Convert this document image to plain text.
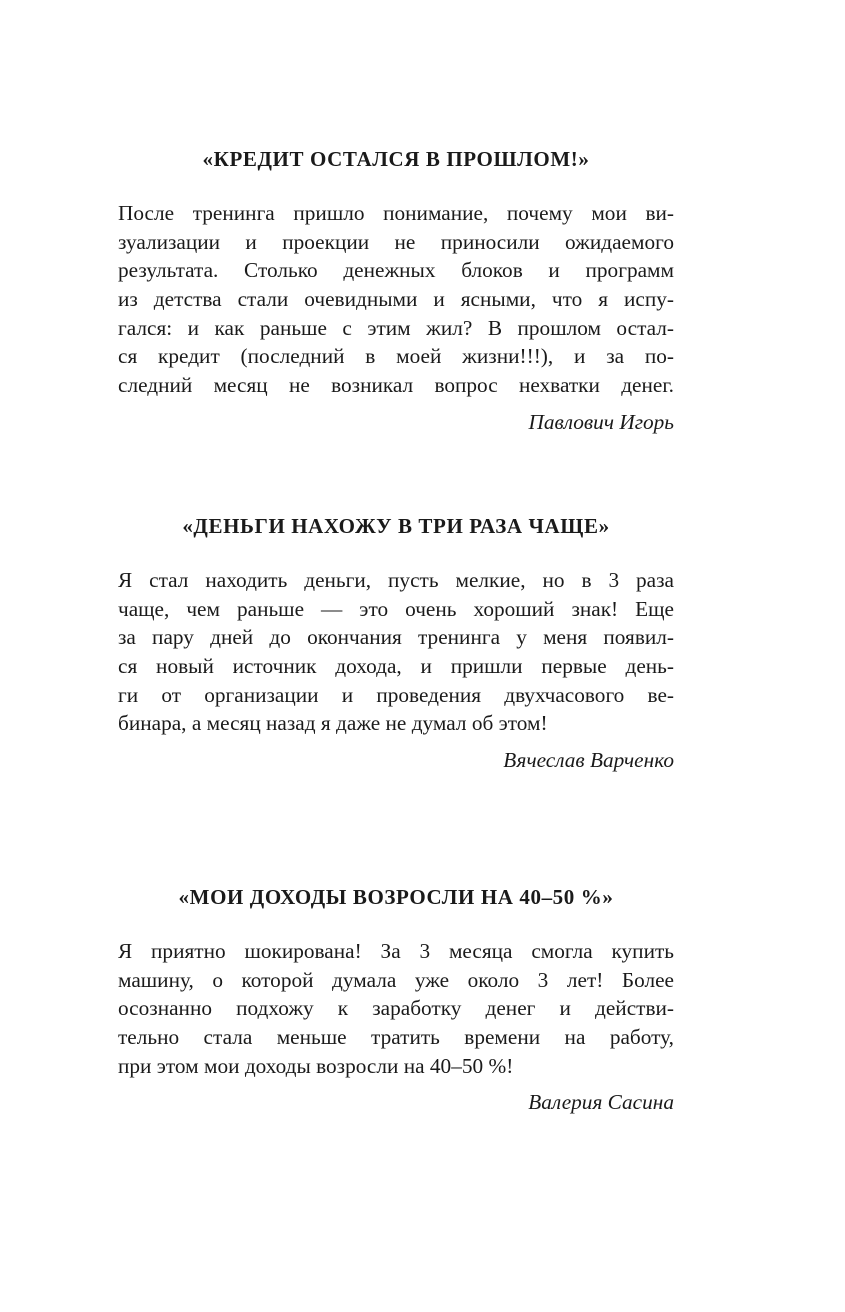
«КРЕДИТ ОСТАЛСЯ В ПРОШЛОМ!»
После тренинга пришло понимание, почему мои ви-
зуализации и проекции не приносили ожидаемого
результата. Столько денежных блоков и программ
из детства стали очевидными и ясными, что я испу-
гался: и как раньше с этим жил? В прошлом остал-
ся кредит (последний в моей жизни!!!), и за по-
следний месяц не возникал вопрос нехватки денег.

Павлович Игорь

«ДЕНЬГИ НАХОЖУ В ТРИ РАЗА ЧАЩЕ»
Я стал находить деньги, пусть мелкие, но в 3 раза
чаще, чем раньше — это очень хороший знак! Еще
за пару дней до окончания тренинга у меня появил-
ся новый источник дохода, и пришли первые день-
ги от организации и проведения двухчасового ве-
бинара, а месяц назад я даже не думал об этом!

Вячеслав Варченко

«МОИ ДОХОДЫ ВОЗРОСЛИ НА 40–50 %»
Я приятно шокирована! За 3 месяца смогла купить
машину, о которой думала уже около 3 лет! Более
осознанно подхожу к заработку денег и действи-
тельно стала меньше тратить времени на работу,
при этом мои доходы возросли на 40–50 %!

Валерия Сасина
